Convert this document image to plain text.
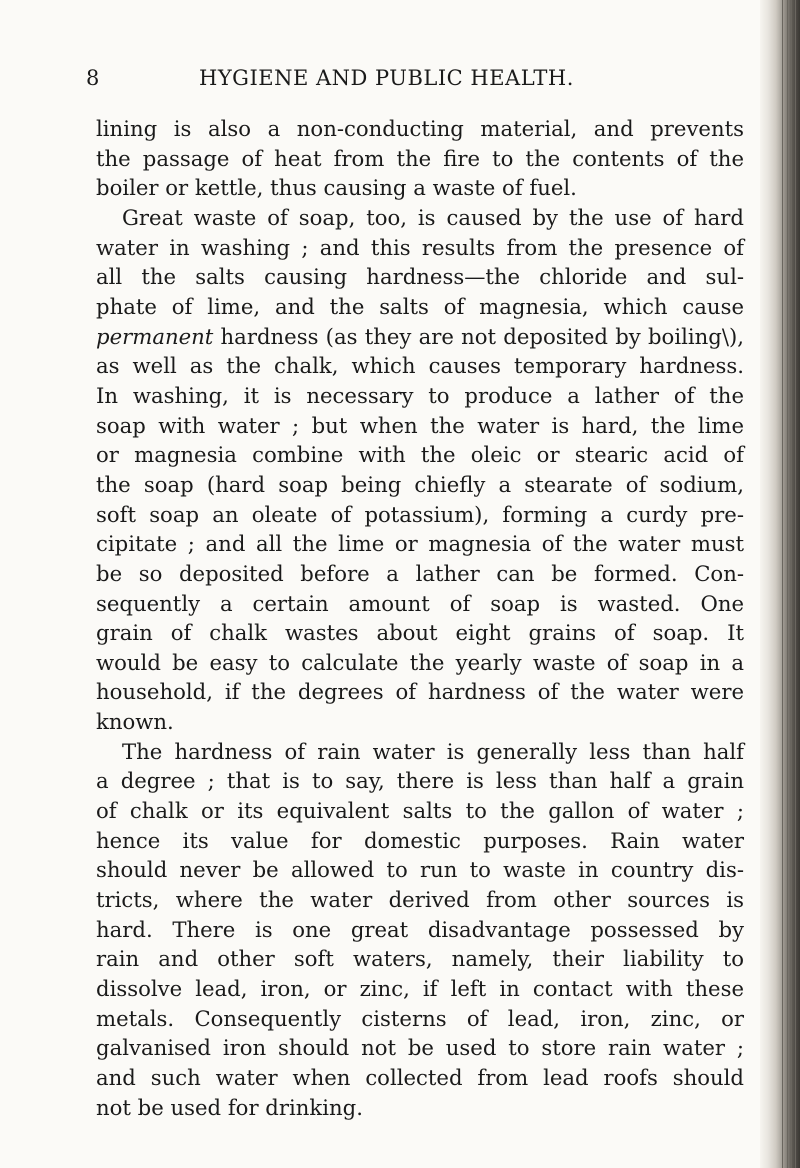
8	HYGIENE AND PUBLIC HEALTH.
lining is also a non-conducting material, and prevents
the passage of heat from the fire to the contents of the
boiler or kettle, thus causing a waste of fuel.
Great waste of soap, too, is caused by the use of hard
water in washing ; and this results from the presence of
all the salts causing hardness—the chloride and sul-
phate of lime, and the salts of magnesia, which cause
permanent hardness (as they are not deposited by boiling\),
as well as the chalk, which causes temporary hardness.
In washing, it is necessary to produce a lather of the
soap with water ; but when the water is hard, the lime
or magnesia combine with the oleic or stearic acid of
the soap (hard soap being chiefly a stearate of sodium,
soft soap an oleate of potassium), forming a curdy pre-
cipitate ; and all the lime or magnesia of the water must
be so deposited before a lather can be formed. Con-
sequently a certain amount of soap is wasted. One
grain of chalk wastes about eight grains of soap. It
would be easy to calculate the yearly waste of soap in a
household, if the degrees of hardness of the water were
known.
The hardness of rain water is generally less than half
a degree ; that is to say, there is less than half a grain
of chalk or its equivalent salts to the gallon of water ;
hence its value for domestic purposes. Rain water
should never be allowed to run to waste in country dis-
tricts, where the water derived from other sources is
hard. There is one great disadvantage possessed by
rain and other soft waters, namely, their liability to
dissolve lead, iron, or zinc, if left in contact with these
metals. Consequently cisterns of lead, iron, zinc, or
galvanised iron should not be used to store rain water ;
and such water when collected from lead roofs should
not be used for drinking.
